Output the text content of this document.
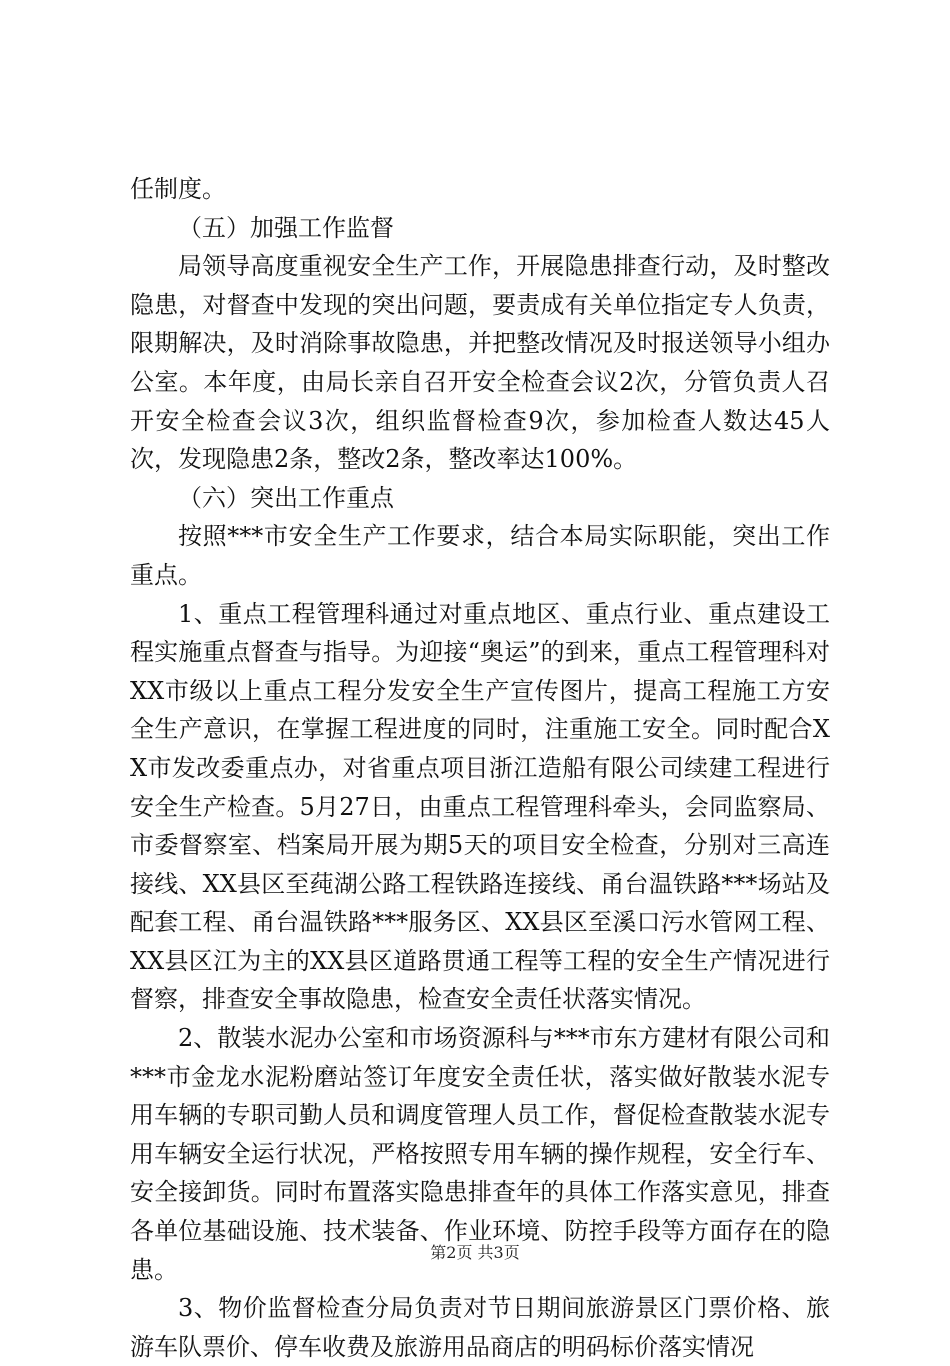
任制度。

（五）加强工作监督

局领导高度重视安全生产工作，开展隐患排查行动，及时整改隐患，对督查中发现的突出问题，要责成有关单位指定专人负责，限期解决，及时消除事故隐患，并把整改情况及时报送领导小组办公室。本年度，由局长亲自召开安全检查会议2次，分管负责人召开安全检查会议3次，组织监督检查9次，参加检查人数达45人次，发现隐患2条，整改2条，整改率达100%。

（六）突出工作重点

按照***市安全生产工作要求，结合本局实际职能，突出工作重点。

1、重点工程管理科通过对重点地区、重点行业、重点建设工程实施重点督查与指导。为迎接“奥运”的到来，重点工程管理科对XX市级以上重点工程分发安全生产宣传图片，提高工程施工方安全生产意识，在掌握工程进度的同时，注重施工安全。同时配合XX市发改委重点办，对省重点项目浙江造船有限公司续建工程进行安全生产检查。5月27日，由重点工程管理科牵头，会同监察局、市委督察室、档案局开展为期5天的项目安全检查，分别对三高连接线、XX县区至莼湖公路工程铁路连接线、甬台温铁路***场站及配套工程、甬台温铁路***服务区、XX县区至溪口污水管网工程、XX县区江为主的XX县区道路贯通工程等工程的安全生产情况进行督察，排查安全事故隐患，检查安全责任状落实情况。

2、散装水泥办公室和市场资源科与***市东方建材有限公司和***市金龙水泥粉磨站签订年度安全责任状，落实做好散装水泥专用车辆的专职司勤人员和调度管理人员工作，督促检查散装水泥专用车辆安全运行状况，严格按照专用车辆的操作规程，安全行车、安全接卸货。同时布置落实隐患排查年的具体工作落实意见，排查各单位基础设施、技术装备、作业环境、防控手段等方面存在的隐患。

3、物价监督检查分局负责对节日期间旅游景区门票价格、旅游车队票价、停车收费及旅游用品商店的明码标价落实情况

第2页 共3页
